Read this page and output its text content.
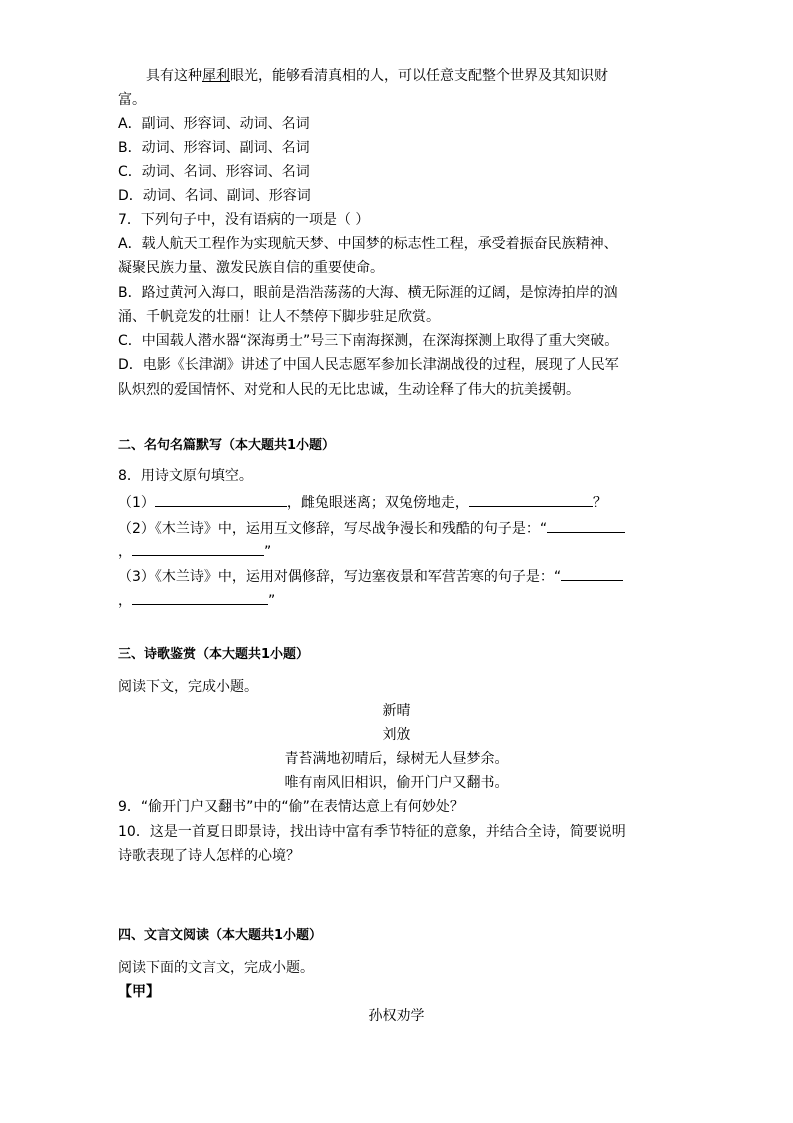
具有这种犀利眼光，能够看清真相的人，可以任意支配整个世界及其知识财
富。
A．副词、形容词、动词、名词
B．动词、形容词、副词、名词
C．动词、名词、形容词、名词
D．动词、名词、副词、形容词
7．下列句子中，没有语病的一项是（ ）
A．载人航天工程作为实现航天梦、中国梦的标志性工程，承受着振奋民族精神、
凝聚民族力量、激发民族自信的重要使命。
B．路过黄河入海口，眼前是浩浩荡荡的大海、横无际涯的辽阔，是惊涛拍岸的汹
涌、千帆竞发的壮丽！让人不禁停下脚步驻足欣赏。
C．中国载人潜水器“深海勇士”号三下南海探测，在深海探测上取得了重大突破。
D．电影《长津湖》讲述了中国人民志愿军参加长津湖战役的过程，展现了人民军
队炽烈的爱国情怀、对党和人民的无比忠诚，生动诠释了伟大的抗美援朝。
二、名句名篇默写（本大题共1小题）
8．用诗文原句填空。
（1）	，雌兔眼迷离；双兔傍地走，	？
（2）《木兰诗》中，运用互文修辞，写尽战争漫长和残酷的句子是：“
，	”
（3）《木兰诗》中，运用对偶修辞，写边塞夜景和军营苦寒的句子是：“
，	”
三、诗歌鉴赏（本大题共1小题）
阅读下文，完成小题。
新晴
刘攽
青苔满地初晴后，绿树无人昼梦余。
唯有南风旧相识，偷开门户又翻书。
9．“偷开门户又翻书”中的“偷”在表情达意上有何妙处？
10．这是一首夏日即景诗，找出诗中富有季节特征的意象，并结合全诗，简要说明
诗歌表现了诗人怎样的心境？
四、文言文阅读（本大题共1小题）
阅读下面的文言文，完成小题。
【甲】
孙权劝学
